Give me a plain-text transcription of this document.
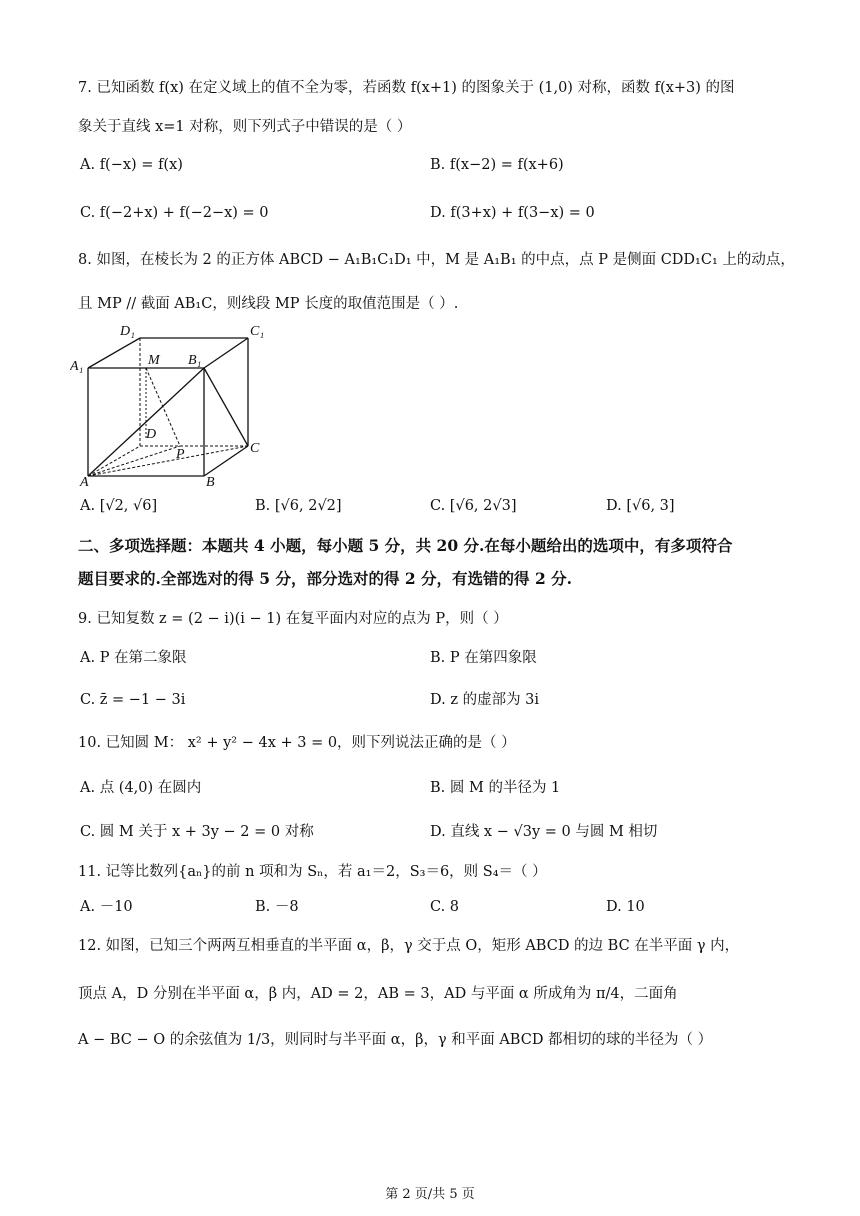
7. 已知函数 f(x) 在定义域上的值不全为零，若函数 f(x+1) 的图象关于 (1,0) 对称，函数 f(x+3) 的图
象关于直线 x=1 对称，则下列式子中错误的是（ ）
A. f(−x) = f(x)	B. f(x−2) = f(x+6)
C. f(−2+x) + f(−2−x) = 0	D. f(3+x) + f(3−x) = 0
8. 如图，在棱长为 2 的正方体 ABCD − A₁B₁C₁D₁ 中，M 是 A₁B₁ 的中点，点 P 是侧面 CDD₁C₁ 上的动点，
且 MP // 截面 AB₁C，则线段 MP 长度的取值范围是（ ）.
D₁	C₁
A₁	M B₁
D
P	C
A	B
A. [√2, √6]	B. [√6, 2√2]	C. [√6, 2√3]	D. [√6, 3]
二、多项选择题：本题共 4 小题，每小题 5 分，共 20 分.在每小题给出的选项中，有多项符合
题目要求的.全部选对的得 5 分，部分选对的得 2 分，有选错的得 2 分.
9. 已知复数 z = (2 − i)(i − 1) 在复平面内对应的点为 P，则（ ）
A. P 在第二象限	B. P 在第四象限
C. z̄ = −1 − 3i	D. z 的虚部为 3i
10. 已知圆 M： x² + y² − 4x + 3 = 0，则下列说法正确的是（ ）
A. 点 (4,0) 在圆内	B. 圆 M 的半径为 1
C. 圆 M 关于 x + 3y − 2 = 0 对称	D. 直线 x − √3y = 0 与圆 M 相切
11. 记等比数列{aₙ}的前 n 项和为 Sₙ，若 a₁＝2，S₃＝6，则 S₄＝（ ）
A. －10	B. －8	C. 8	D. 10
12. 如图，已知三个两两互相垂直的半平面 α，β，γ 交于点 O，矩形 ABCD 的边 BC 在半平面 γ 内，
顶点 A，D 分别在半平面 α，β 内，AD = 2，AB = 3，AD 与平面 α 所成角为 π/4，二面角
A − BC − O 的余弦值为 1/3，则同时与半平面 α，β，γ 和平面 ABCD 都相切的球的半径为（ ）
第 2 页/共 5 页
